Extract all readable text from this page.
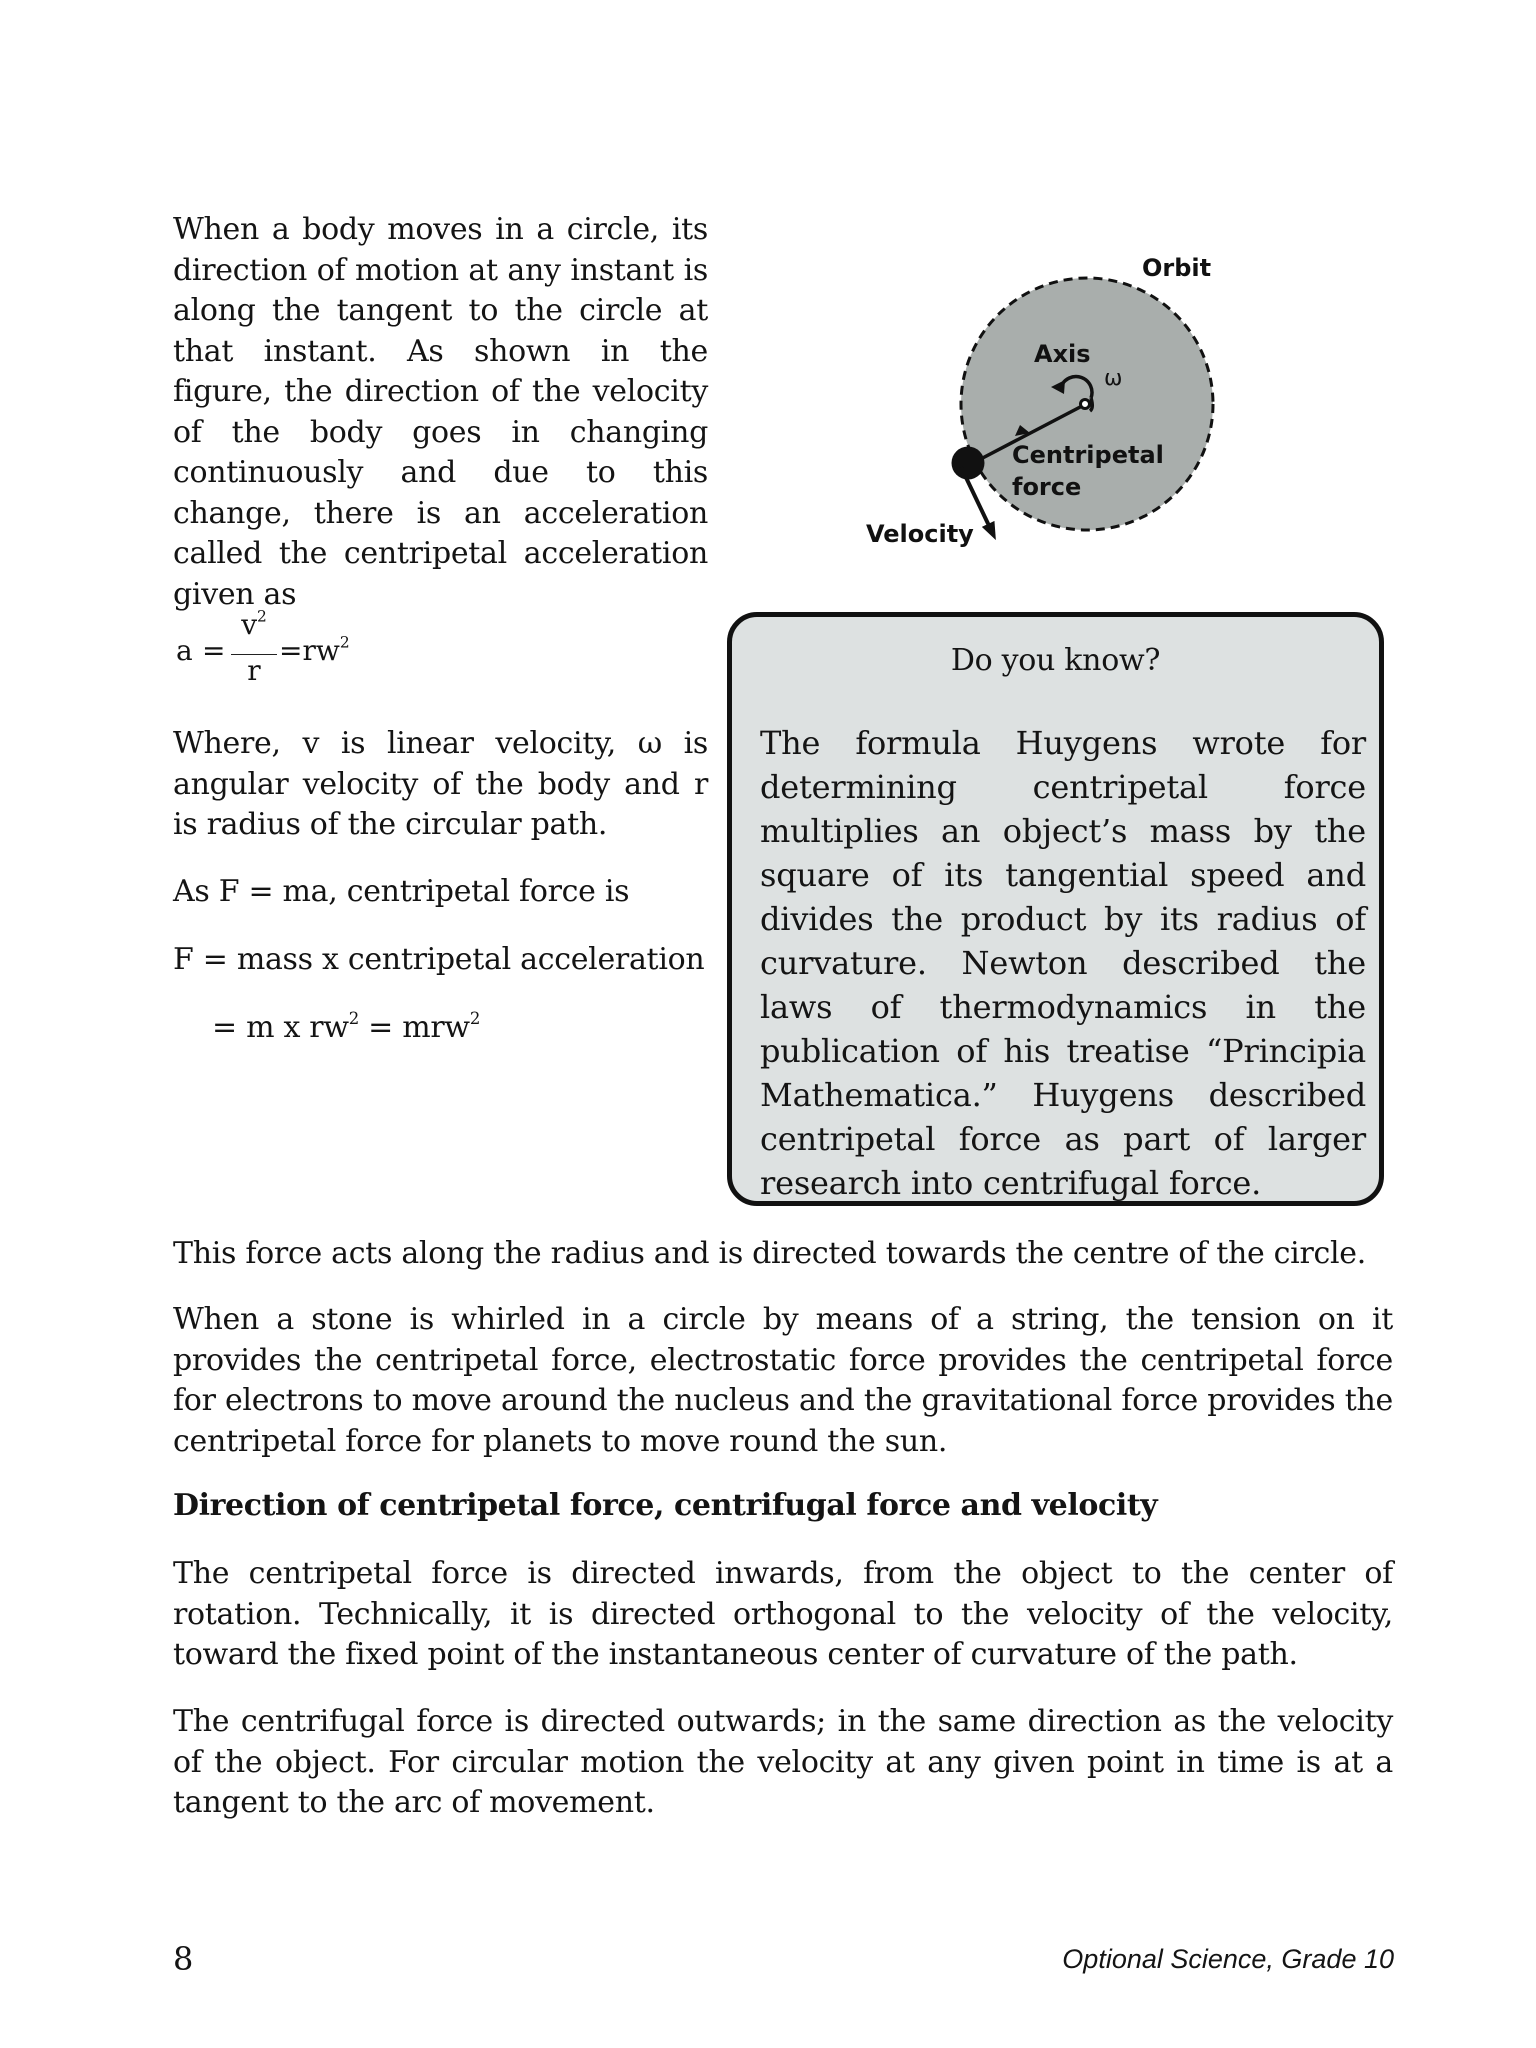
When a body moves in a circle, its direction of motion at any instant is along the tangent to the circle at that instant. As shown in the figure, the direction of the velocity of the body goes in changing continuously and due to this change, there is an acceleration called the centripetal acceleration given as

Orbit
Axis
ω
Centripetal
force
Velocity
a =
$v^2$
r
$=rw^2$

Where, v is linear velocity, ω is angular velocity of the body and r is radius of the circular path.

As F = ma, centripetal force is

F = mass x centripetal acceleration

= m x $rw^2 = mrw^2$

Do you know?

The formula Huygens wrote for determining centripetal force multiplies an object’s mass by the square of its tangential speed and divides the product by its radius of curvature. Newton described the laws of thermodynamics in the publication of his treatise “Principia Mathematica.” Huygens described centripetal force as part of larger research into centrifugal force.

This force acts along the radius and is directed towards the centre of the circle.

When a stone is whirled in a circle by means of a string, the tension on it provides the centripetal force, electrostatic force provides the centripetal force for electrons to move around the nucleus and the gravitational force provides the centripetal force for planets to move round the sun.

Direction of centripetal force, centrifugal force and velocity

The centripetal force is directed inwards, from the object to the center of rotation. Technically, it is directed orthogonal to the velocity of the velocity, toward the fixed point of the instantaneous center of curvature of the path.

The centrifugal force is directed outwards; in the same direction as the velocity of the object. For circular motion the velocity at any given point in time is at a tangent to the arc of movement.

8	Optional Science, Grade 10
